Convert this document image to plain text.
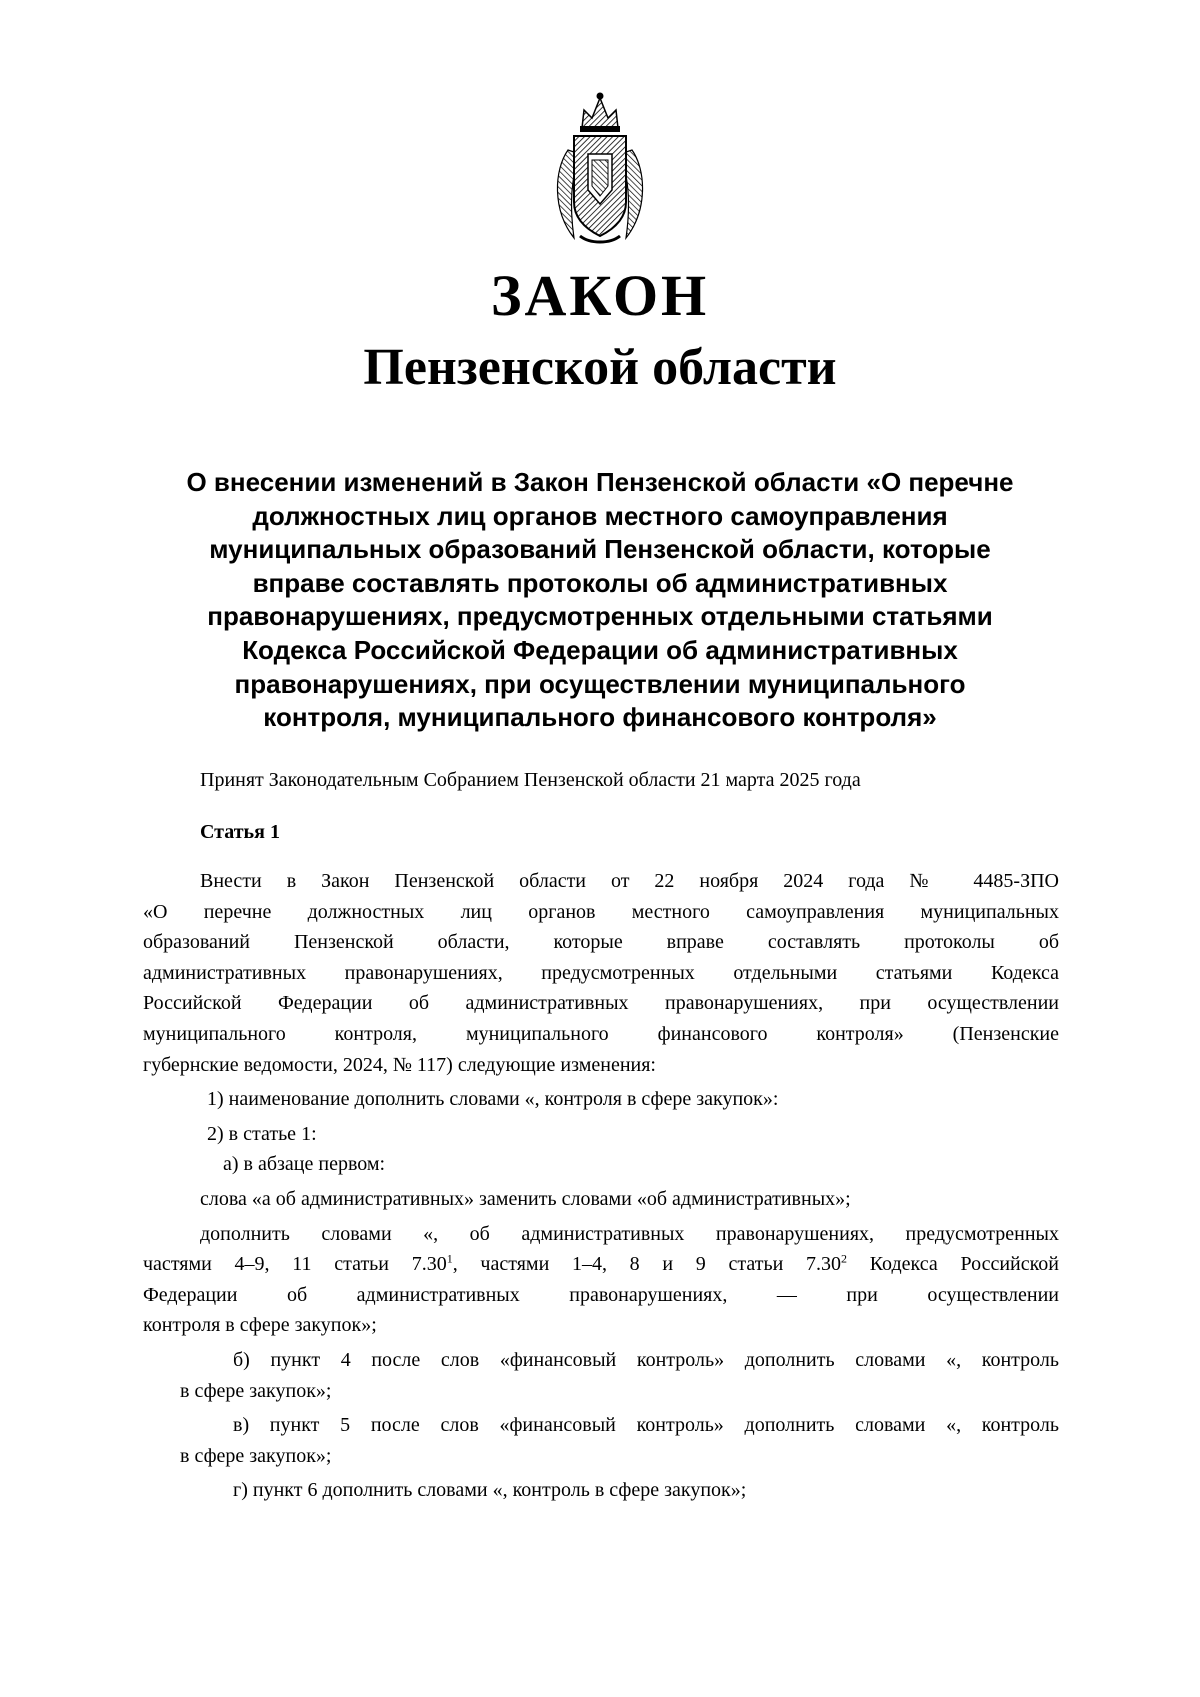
ЗАКОН
Пензенской области
О внесении изменений в Закон Пензенской области «О перечне
должностных лиц органов местного самоуправления
муниципальных образований Пензенской области, которые
вправе составлять протоколы об административных
правонарушениях, предусмотренных отдельными статьями
Кодекса Российской Федерации об административных
правонарушениях, при осуществлении муниципального
контроля, муниципального финансового контроля»
Принят Законодательным Собранием Пензенской области 21 марта 2025 года
Статья 1
Внести в Закон Пензенской области от 22 ноября 2024 года № 4485-ЗПО
«О перечне должностных лиц органов местного самоуправления муниципальных
образований Пензенской области, которые вправе составлять протоколы об
административных правонарушениях, предусмотренных отдельными статьями Кодекса
Российской Федерации об административных правонарушениях, при осуществлении
муниципального контроля, муниципального финансового контроля» (Пензенские
губернские ведомости, 2024, № 117) следующие изменения:
1) наименование дополнить словами «, контроля в сфере закупок»:
2) в статье 1:
а) в абзаце первом:
слова «а об административных» заменить словами «об административных»;
дополнить словами «, об административных правонарушениях, предусмотренных
частями 4–9, 11 статьи 7.30$^1$, частями 1–4, 8 и 9 статьи 7.30$^2$ Кодекса Российской
Федерации об административных правонарушениях, — при осуществлении
контроля в сфере закупок»;
б) пункт 4 после слов «финансовый контроль» дополнить словами «, контроль
в сфере закупок»;
в) пункт 5 после слов «финансовый контроль» дополнить словами «, контроль
в сфере закупок»;
г) пункт 6 дополнить словами «, контроль в сфере закупок»;
